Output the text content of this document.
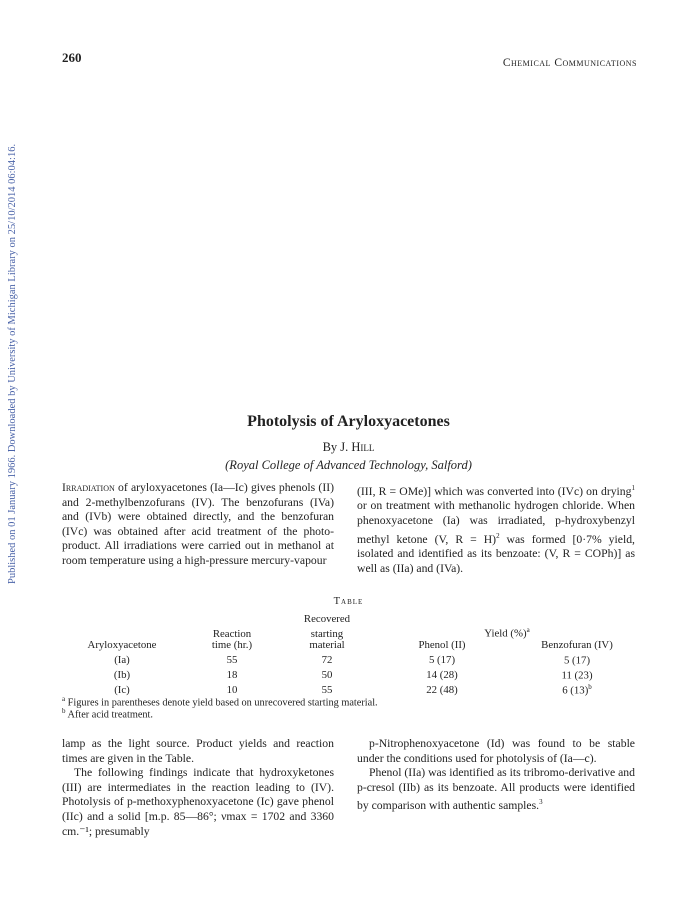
260	Chemical Communications
Published on 01 January 1966. Downloaded by University of Michigan Library on 25/10/2014 06:04:16.	Photolysis of Aryloxyacetones
By J. Hill
(Royal College of Advanced Technology, Salford)

Irradiation of aryloxyacetones (Ia—Ic) gives phenols (II) and 2-methylbenzofurans (IV). The benzofurans (IVa) and (IVb) were obtained directly, and the benzofuran (IVc) was obtained after acid treatment of the photo-product. All irradiations were carried out in methanol at room temperature using a high-pressure mercury-vapour

(III, R = OMe)] which was converted into (IVc) on drying$^1$ or on treatment with methanolic hydrogen chloride. When phenoxyacetone (Ia) was irradiated, p-hydroxybenzyl methyl ketone (V, R = H)$^2$ was formed [0·7% yield, isolated and identified as its benzoate: (V, R = COPh)] as well as (IIa) and (IVa).

Table
		Recovered		
	Reaction	starting	Yield (%)$^a$
Aryloxyacetone	time (hr.)	material	Phenol (II)	Benzofuran (IV)
(Ia)	55	72	5 (17)	5 (17)
(Ib)	18	50	14 (28)	11 (23)
(Ic)	10	55	22 (48)	6 $(13)^b$
$^a$ Figures in parentheses denote yield based on unrecovered starting material.
$^b$ After acid treatment.

lamp as the light source. Product yields and reaction times are given in the Table.

The following findings indicate that hydroxyketones (III) are intermediates in the reaction leading to (IV). Photolysis of p-methoxyphenoxyacetone (Ic) gave phenol (IIc) and a solid [m.p. 85—86°; νmax = 1702 and 3360 cm.⁻¹; presumably

p-Nitrophenoxyacetone (Id) was found to be stable under the conditions used for photolysis of (Ia—c).

Phenol (IIa) was identified as its tribromo-derivative and p-cresol (IIb) as its benzoate. All products were identified by comparison with authentic samples.$^3$
